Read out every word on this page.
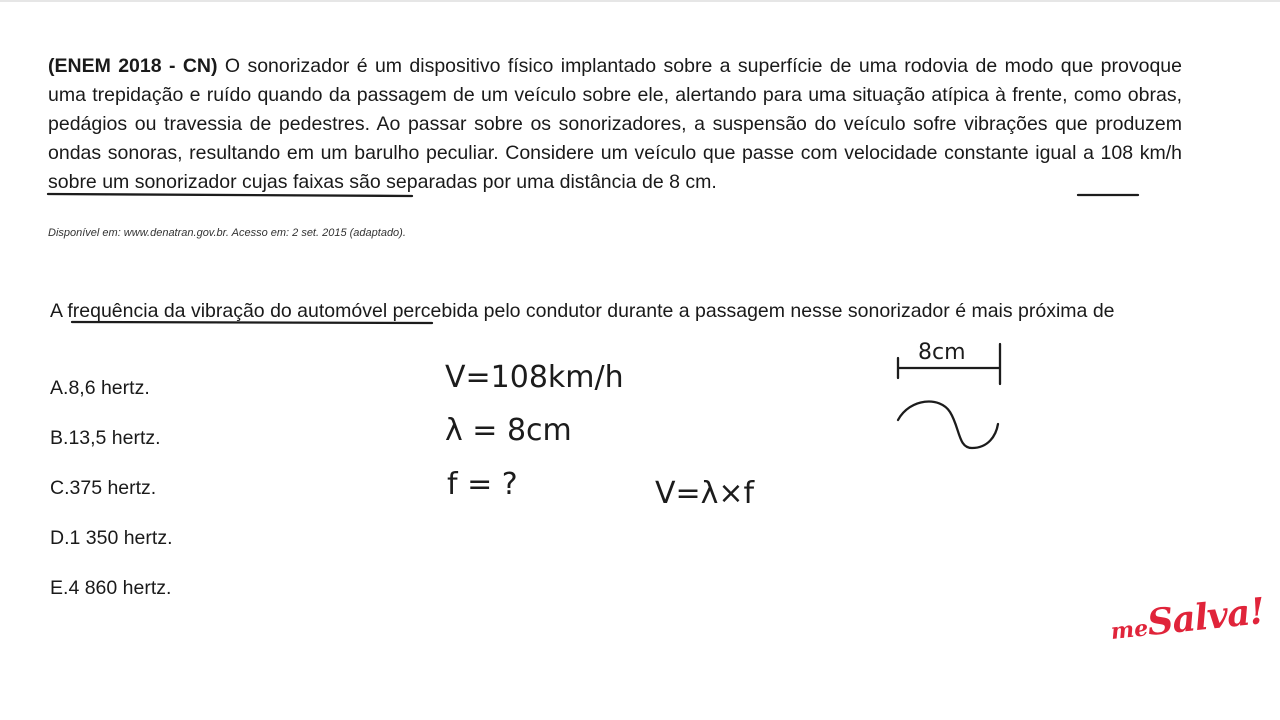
(ENEM 2018 - CN) O sonorizador é um dispositivo físico implantado sobre a superfície de uma rodovia de modo que provoque uma trepidação e ruído quando da passagem de um veículo sobre ele, alertando para uma situação atípica à frente, como obras, pedágios ou travessia de pedestres. Ao passar sobre os sonorizadores, a suspensão do veículo sofre vibrações que produzem ondas sonoras, resultando em um barulho peculiar. Considere um veículo que passe com velocidade constante igual a 108 km/h sobre um sonorizador cujas faixas são separadas por uma distância de 8 cm.

Disponível em: www.denatran.gov.br. Acesso em: 2 set. 2015 (adaptado).

A frequência da vibração do automóvel percebida pelo condutor durante a passagem nesse sonorizador é mais próxima de

A.8,6 hertz.
B.13,5 hertz.
C.375 hertz.
D.1 350 hertz.
E.4 860 hertz.
V=108km/h
λ = 8cm
f = ?	V=λ×f
8cm
meSalva!
